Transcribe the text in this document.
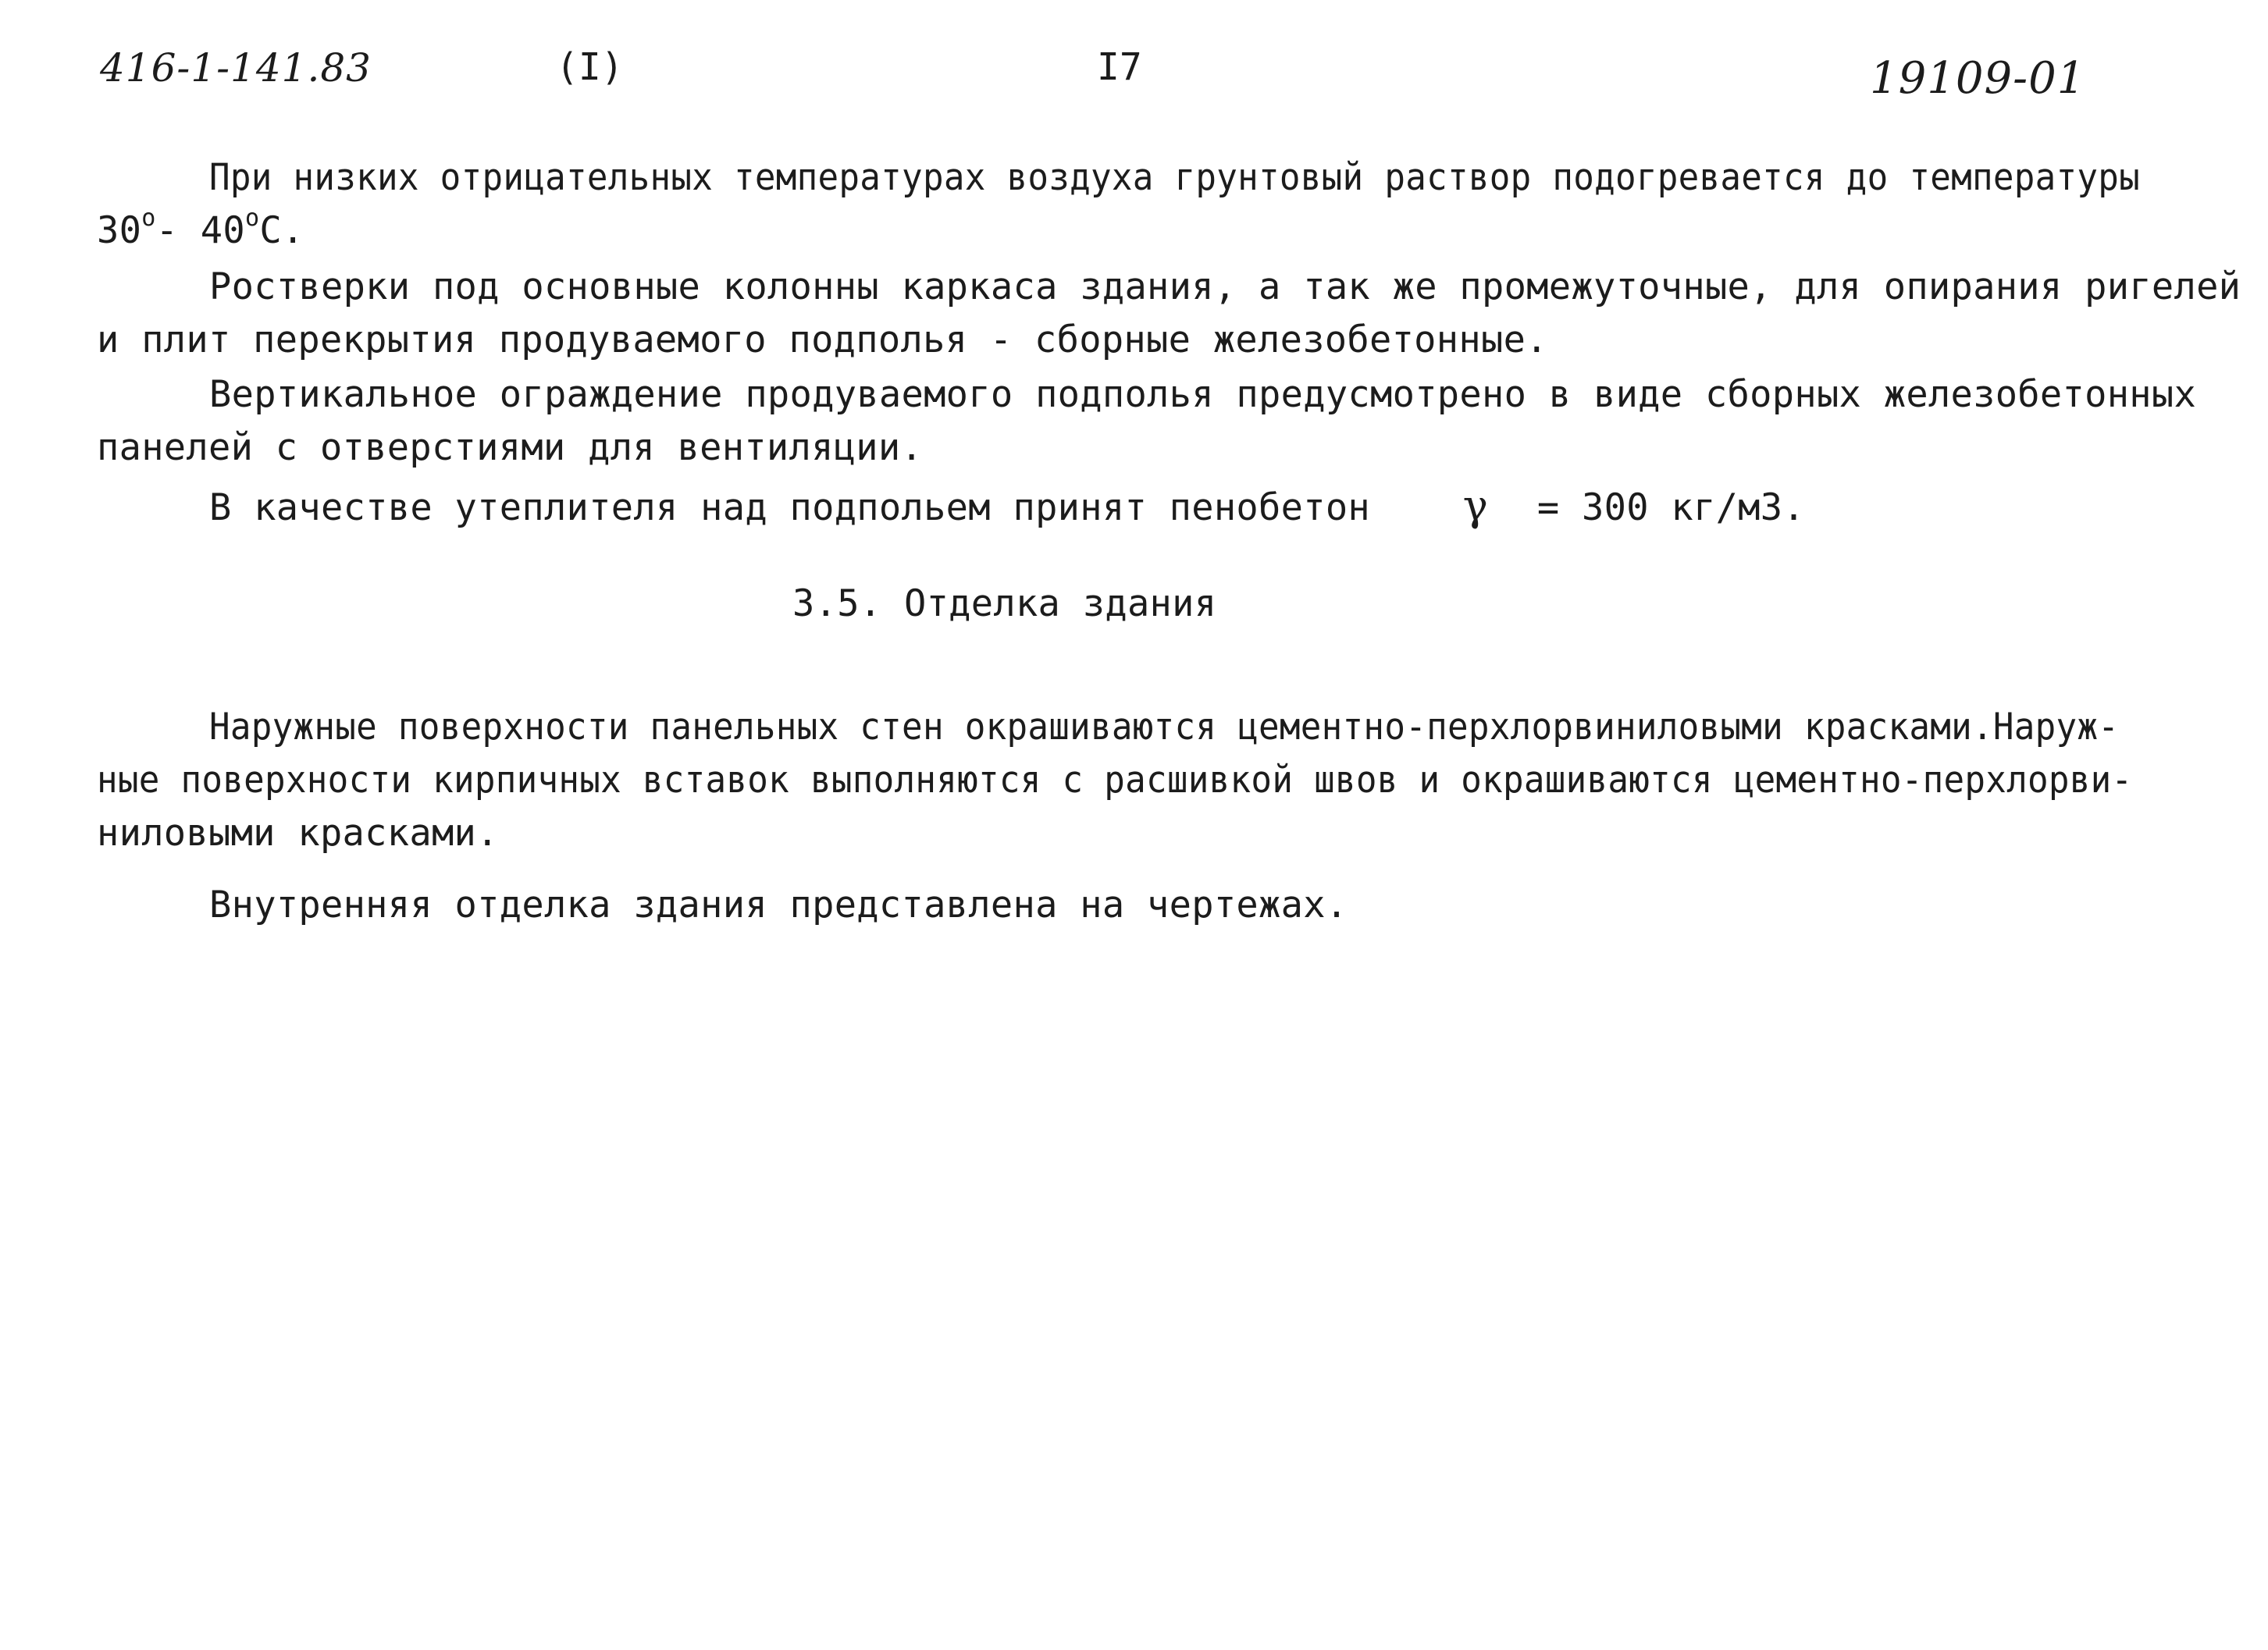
416-1-141.83	(I)	I7	19109-01
При низких отрицательных температурах воздуха грунтовый раствор подогревается до температуры
30$^o$- 40$^o$C.
Ростверки под основные колонны каркаса здания, а так же промежуточные, для опирания ригелей
и плит перекрытия продуваемого подполья - сборные железобетонные.
Вертикальное ограждение продуваемого подполья предусмотрено в виде сборных железобетонных
панелей с отверстиями для вентиляции.
В качестве утеплителя над подпольем принят пенобетон γ = 300 кг/м3.
3.5. Отделка здания
Наружные поверхности панельных стен окрашиваются цементно-перхлорвиниловыми красками.Наруж-
ные поверхности кирпичных вставок выполняются с расшивкой швов и окрашиваются цементно-перхлорви-
ниловыми красками.
Внутренняя отделка здания представлена на чертежах.
